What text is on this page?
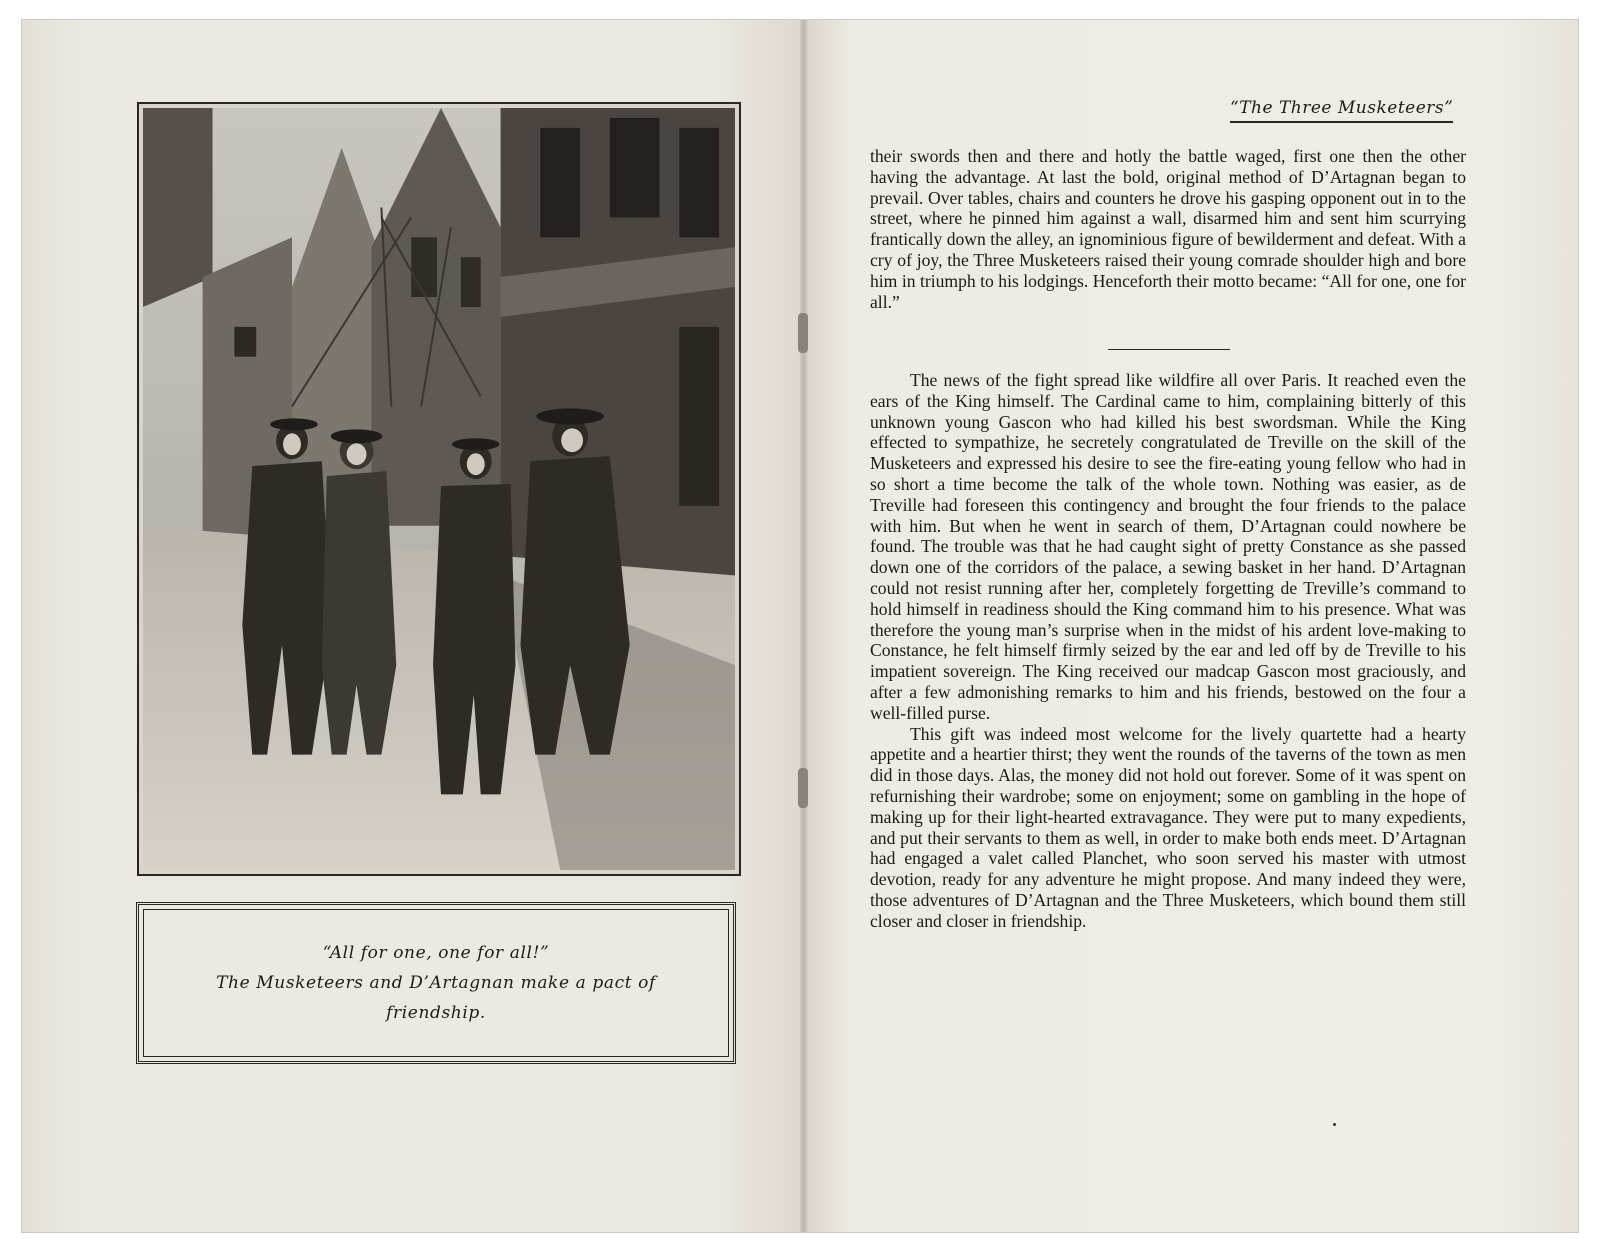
“All for one, one for all!”
The Musketeers and D’Artagnan make a pact of
friendship.
“The Three Musketeers”

their swords then and there and hotly the battle waged, first one then the other having the advantage. At last the bold, original method of D’Artagnan began to prevail. Over tables, chairs and counters he drove his gasping opponent out in to the street, where he pinned him against a wall, disarmed him and sent him scurrying frantically down the alley, an ignominious figure of bewilderment and defeat. With a cry of joy, the Three Musketeers raised their young comrade shoulder high and bore him in triumph to his lodgings. Henceforth their motto became: “All for one, one for all.”

The news of the fight spread like wildfire all over Paris. It reached even the ears of the King himself. The Cardinal came to him, complaining bitterly of this unknown young Gascon who had killed his best swordsman. While the King effected to sympathize, he secretely congratulated de Treville on the skill of the Musketeers and expressed his desire to see the fire-eating young fellow who had in so short a time become the talk of the whole town. Nothing was easier, as de Treville had foreseen this contingency and brought the four friends to the palace with him. But when he went in search of them, D’Artagnan could nowhere be found. The trouble was that he had caught sight of pretty Constance as she passed down one of the corridors of the palace, a sewing basket in her hand. D’Artagnan could not resist running after her, completely forgetting de Treville’s command to hold himself in readiness should the King command him to his presence. What was therefore the young man’s surprise when in the midst of his ardent love-making to Constance, he felt himself firmly seized by the ear and led off by de Treville to his impatient sovereign. The King received our madcap Gascon most graciously, and after a few admonishing remarks to him and his friends, bestowed on the four a well-filled purse.

This gift was indeed most welcome for the lively quartette had a hearty appetite and a heartier thirst; they went the rounds of the taverns of the town as men did in those days. Alas, the money did not hold out forever. Some of it was spent on refurnishing their wardrobe; some on enjoyment; some on gambling in the hope of making up for their light-hearted extravagance. They were put to many expedients, and put their servants to them as well, in order to make both ends meet. D’Artagnan had engaged a valet called Planchet, who soon served his master with utmost devotion, ready for any adventure he might propose. And many indeed they were, those adventures of D’Artagnan and the Three Musketeers, which bound them still closer and closer in friendship.
